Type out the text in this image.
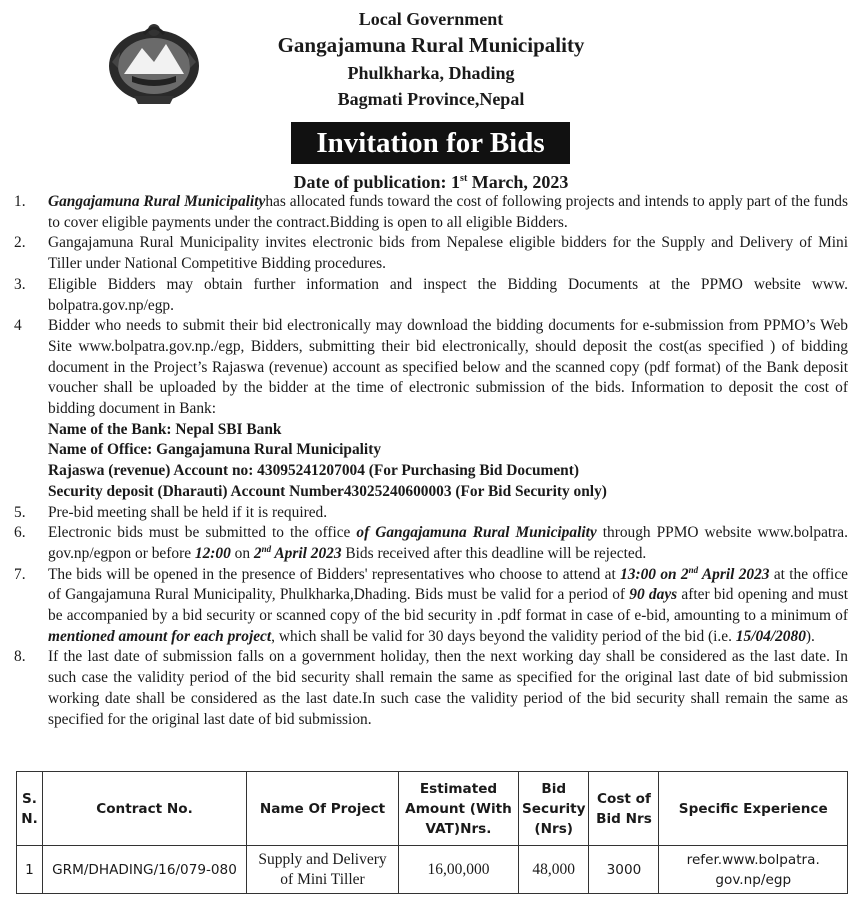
Local Government
Gangajamuna Rural Municipality
Phulkharka, Dhading
Bagmati Province,Nepal
Invitation for Bids
Date of publication: 1st March, 2023
1.	Gangajamuna Rural Municipalityhas allocated funds toward the cost of following projects and intends to apply part of the funds to cover eligible payments under the contract.Bidding is open to all eligible Bidders.
2.	Gangajamuna Rural Municipality invites electronic bids from Nepalese eligible bidders for the Supply and Delivery of Mini Tiller under National Competitive Bidding procedures.
3.	Eligible Bidders may obtain further information and inspect the Bidding Documents at the PPMO website www. bolpatra.gov.np/egp.
4	Bidder who needs to submit their bid electronically may download the bidding documents for e-submission from PPMO’s Web Site www.bolpatra.gov.np./egp, Bidders, submitting their bid electronically, should deposit the cost(as specified ) of bidding document in the Project’s Rajaswa (revenue) account as specified below and the scanned copy (pdf format) of the Bank deposit voucher shall be uploaded by the bidder at the time of electronic submission of the bids. Information to deposit the cost of bidding document in Bank:
Name of the Bank: Nepal SBI Bank
Name of Office: Gangajamuna Rural Municipality
Rajaswa (revenue) Account no: 43095241207004 (For Purchasing Bid Document)
Security deposit (Dharauti) Account Number43025240600003 (For Bid Security only)
5.	Pre-bid meeting shall be held if it is required.
6.	Electronic bids must be submitted to the office of Gangajamuna Rural Municipality through PPMO website www.bolpatra. gov.np/egpon or before 12:00 on 2nd April 2023 Bids received after this deadline will be rejected.
7.	The bids will be opened in the presence of Bidders' representatives who choose to attend at 13:00 on 2nd April 2023 at the office of Gangajamuna Rural Municipality, Phulkharka,Dhading. Bids must be valid for a period of 90 days after bid opening and must be accompanied by a bid security or scanned copy of the bid security in .pdf format in case of e-bid, amounting to a minimum of mentioned amount for each project, which shall be valid for 30 days beyond the validity period of the bid (i.e. 15/04/2080).
8.	If the last date of submission falls on a government holiday, then the next working day shall be considered as the last date. In such case the validity period of the bid security shall remain the same as specified for the original last date of bid submission working date shall be considered as the last date.In such case the validity period of the bid security shall remain the same as specified for the original last date of bid submission.
S. N.	Contract No.	Name Of Project	Estimated Amount (With VAT)Nrs.	Bid Security (Nrs)	Cost of Bid Nrs	Specific Experience
1	GRM/DHADING/16/079-080	Supply and Delivery of Mini Tiller	16,00,000	48,000	3000	refer.www.bolpatra. gov.np/egp
